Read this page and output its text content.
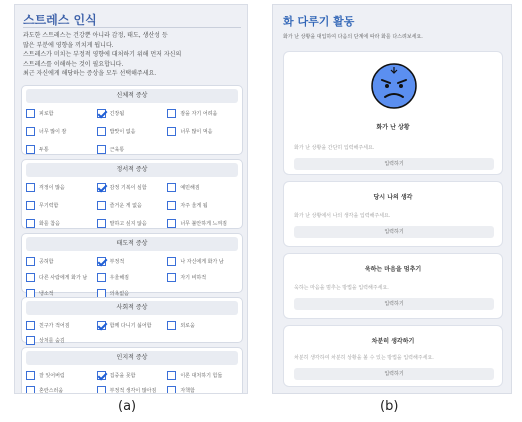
스트레스 인식

과도한 스트레스는 건강뿐 아니라 감정, 태도, 생산성 등

많은 부분에 영향을 끼치게 됩니다.

스트레스가 미치는 부정적 영향에 대처하기 위해 먼저 자신의

스트레스를 이해하는 것이 필요합니다.

최근 자신에게 해당하는 증상을 모두 선택해주세요.

신체적 증상
피로함	긴장됨	잠을 자기 어려움
너무 많이 잠	밥맛이 없음	너무 많이 먹음
두통	근육통
정서적 증상
걱정이 많음	감정 기복이 심함	예민해짐
무기력함	즐거운 게 없음	자주 울게 됨
화를 참음	말하고 싶지 않음	너무 불안하게 느껴짐
태도적 증상
공허함	부정적	나 자신에게 화가 남
다른 사람에게 화가 남	우울해짐	자기 비하적
냉소적	의욕없음
사회적 증상
친구가 적어짐	함께 다니기 싫어함	외로움
상처를 숨김
인지적 증상
잘 잊어버림	집중을 못함	이론 대처하기 힘듦
혼란스러움	부정적 생각이 많아짐	자책함
화 다루기 활동
화가 난 상황을 대입하여 다음의 단계에 따라 화를 다스려보세요.
화가 난 상황
화가 난 상황을 간단히 입력해주세요.
입력하기
당시 나의 생각
화가 난 상황에서 나의 생각을 입력해주세요.
입력하기
욱하는 마음을 멈추기
욱하는 마음을 멈추는 방법을 입력해주세요.
입력하기
차분히 생각하기
차분히 생각하여 차분히 상황을 볼 수 있는 방법을 입력해주세요.
입력하기
(a)	(b)
